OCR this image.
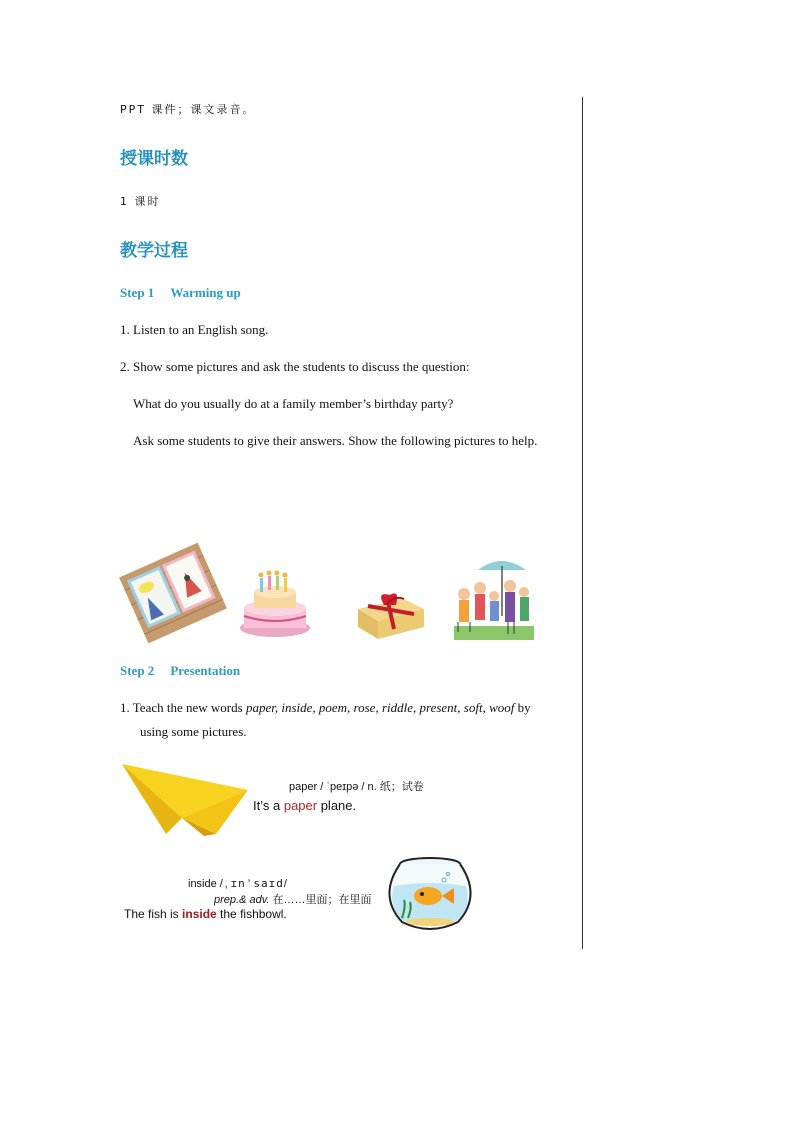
PPT 课件；课文录音。
授课时数
1 课时
教学过程
Step 1 Warming up
1. Listen to an English song.
2. Show some pictures and ask the students to discuss the question:
What do you usually do at a family member’s birthday party?
Ask some students to give their answers. Show the following pictures to help.
Step 2 Presentation
1. Teach the new words paper, inside, poem, rose, riddle, present, soft, woof by
using some pictures.
paper / ˈpeɪpə / n. 纸；试卷
It’s a paper plane.
inside /ˌɪnˈsaɪd/
prep.& adv. 在……里面；在里面
The fish is inside the fishbowl.
